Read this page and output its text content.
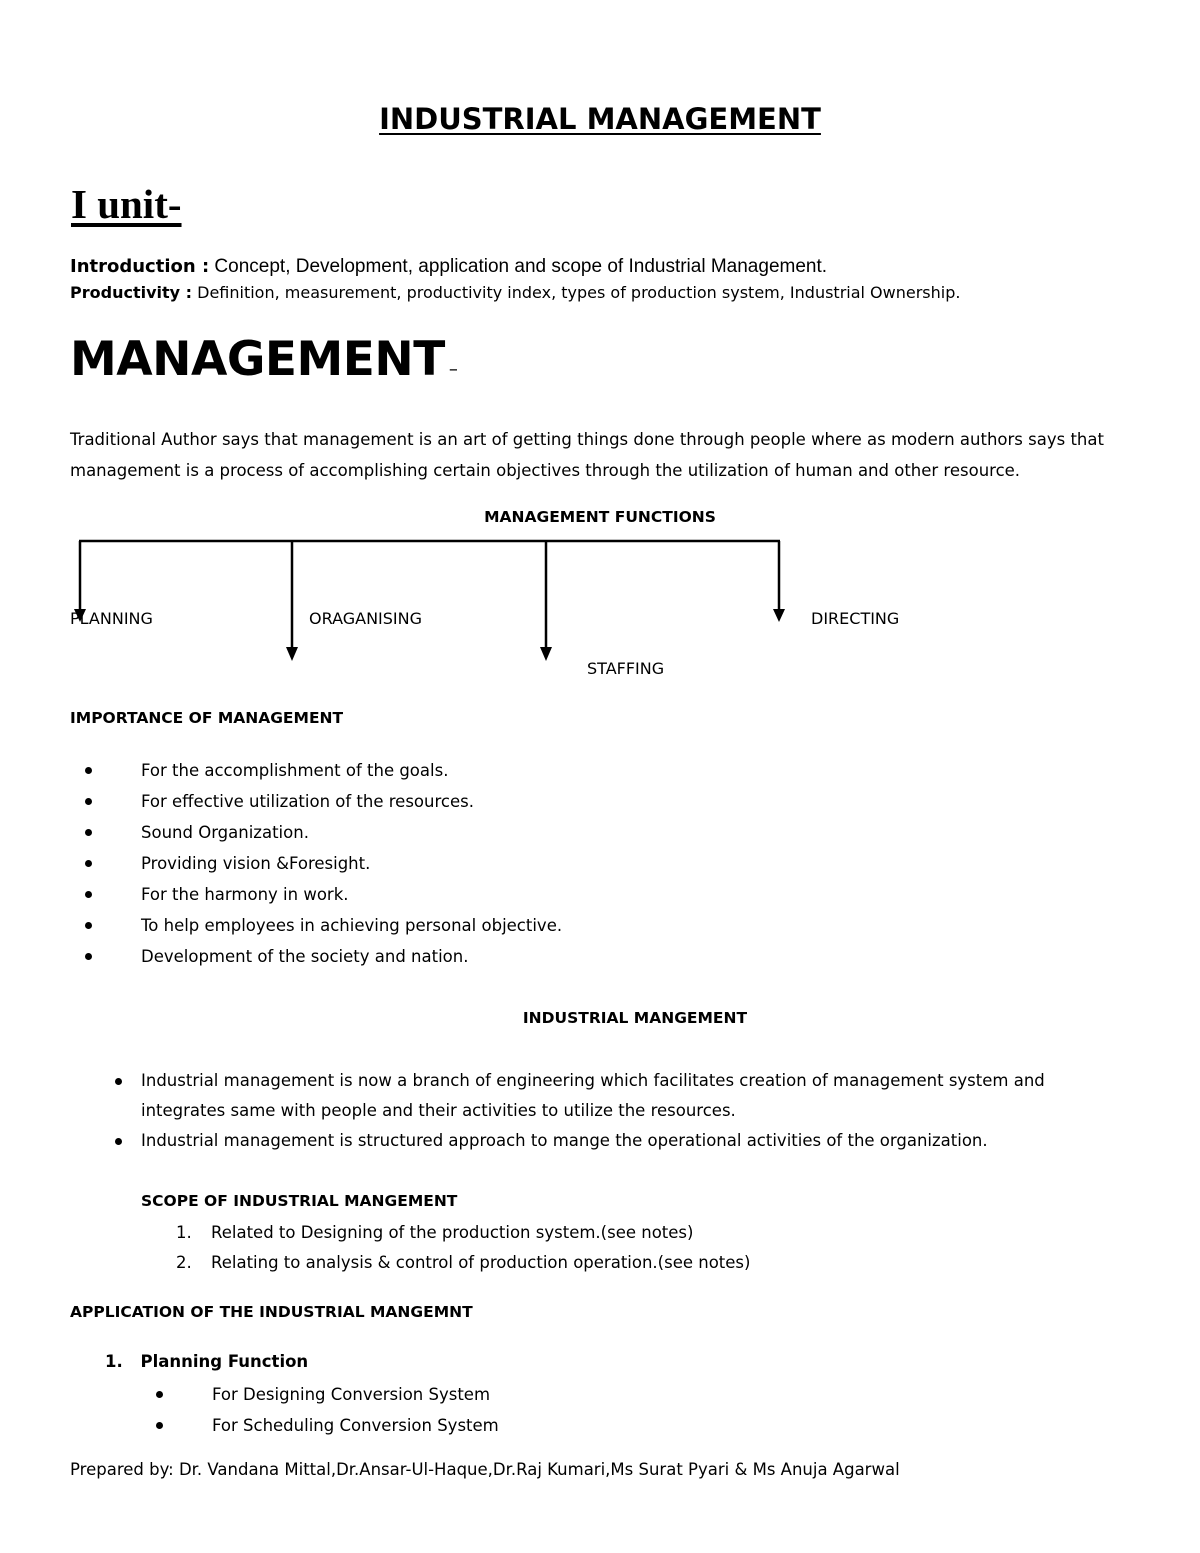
INDUSTRIAL MANAGEMENT
I unit-
Introduction : Concept, Development, application and scope of Industrial Management.
Productivity : Definition, measurement, productivity index, types of production system, Industrial Ownership.
MANAGEMENT –
Traditional Author says that management is an art of getting things done through people where as modern authors says that management is a process of accomplishing certain objectives through the utilization of human and other resource.
MANAGEMENT FUNCTIONS
PLANNING	ORAGANISING
STAFFING
DIRECTING
IMPORTANCE OF MANAGEMENT
For the accomplishment of the goals.
For effective utilization of the resources.
Sound Organization.
Providing vision &Foresight.
For the harmony in work.
To help employees in achieving personal objective.
Development of the society and nation.
INDUSTRIAL MANGEMENT
Industrial management is now a branch of engineering which facilitates creation of management system and
integrates same with people and their activities to utilize the resources.
Industrial management is structured approach to mange the operational activities of the organization.
SCOPE OF INDUSTRIAL MANGEMENT
1. Related to Designing of the production system.(see notes)
2. Relating to analysis & control of production operation.(see notes)
APPLICATION OF THE INDUSTRIAL MANGEMNT
1. Planning Function
For Designing Conversion System
For Scheduling Conversion System
Prepared by: Dr. Vandana Mittal,Dr.Ansar-Ul-Haque,Dr.Raj Kumari,Ms Surat Pyari & Ms Anuja Agarwal
